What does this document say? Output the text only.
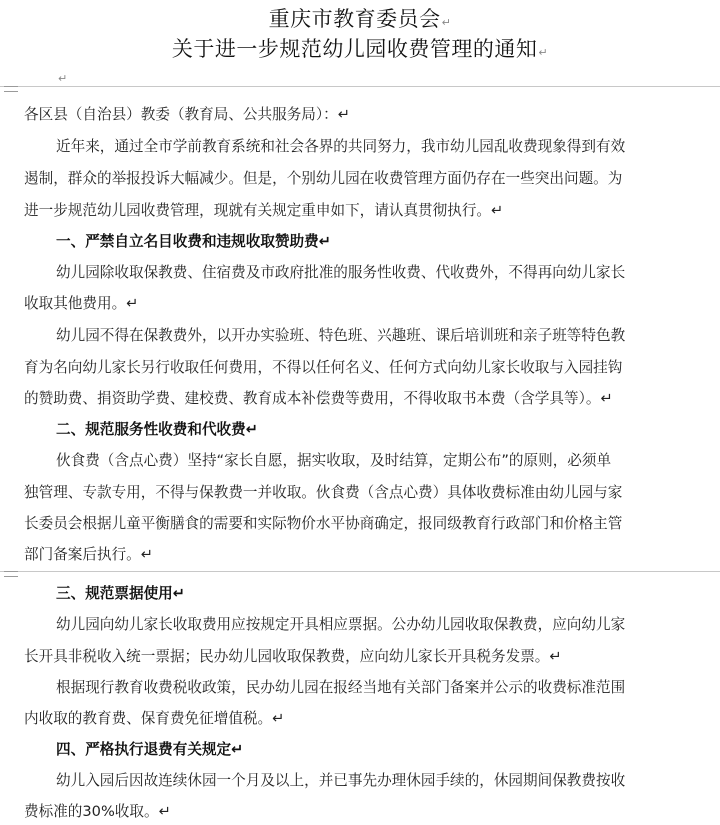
重庆市教育委员会↵
关于进一步规范幼儿园收费管理的通知↵
↵
各区县（自治县）教委（教育局、公共服务局）：↵
近年来，通过全市学前教育系统和社会各界的共同努力，我市幼儿园乱收费现象得到有效
遏制，群众的举报投诉大幅减少。但是，个别幼儿园在收费管理方面仍存在一些突出问题。为
进一步规范幼儿园收费管理，现就有关规定重申如下，请认真贯彻执行。↵
一、严禁自立名目收费和违规收取赞助费↵
幼儿园除收取保教费、住宿费及市政府批准的服务性收费、代收费外，不得再向幼儿家长
收取其他费用。↵
幼儿园不得在保教费外，以开办实验班、特色班、兴趣班、课后培训班和亲子班等特色教
育为名向幼儿家长另行收取任何费用，不得以任何名义、任何方式向幼儿家长收取与入园挂钩
的赞助费、捐资助学费、建校费、教育成本补偿费等费用，不得收取书本费（含学具等）。↵
二、规范服务性收费和代收费↵
伙食费（含点心费）坚持“家长自愿，据实收取，及时结算，定期公布”的原则，必须单
独管理、专款专用，不得与保教费一并收取。伙食费（含点心费）具体收费标准由幼儿园与家
长委员会根据儿童平衡膳食的需要和实际物价水平协商确定，报同级教育行政部门和价格主管
部门备案后执行。↵
三、规范票据使用↵
幼儿园向幼儿家长收取费用应按规定开具相应票据。公办幼儿园收取保教费，应向幼儿家
长开具非税收入统一票据；民办幼儿园收取保教费，应向幼儿家长开具税务发票。↵
根据现行教育收费税收政策，民办幼儿园在报经当地有关部门备案并公示的收费标准范围
内收取的教育费、保育费免征增值税。↵
四、严格执行退费有关规定↵
幼儿入园后因故连续休园一个月及以上，并已事先办理休园手续的，休园期间保教费按收
费标准的30%收取。↵
